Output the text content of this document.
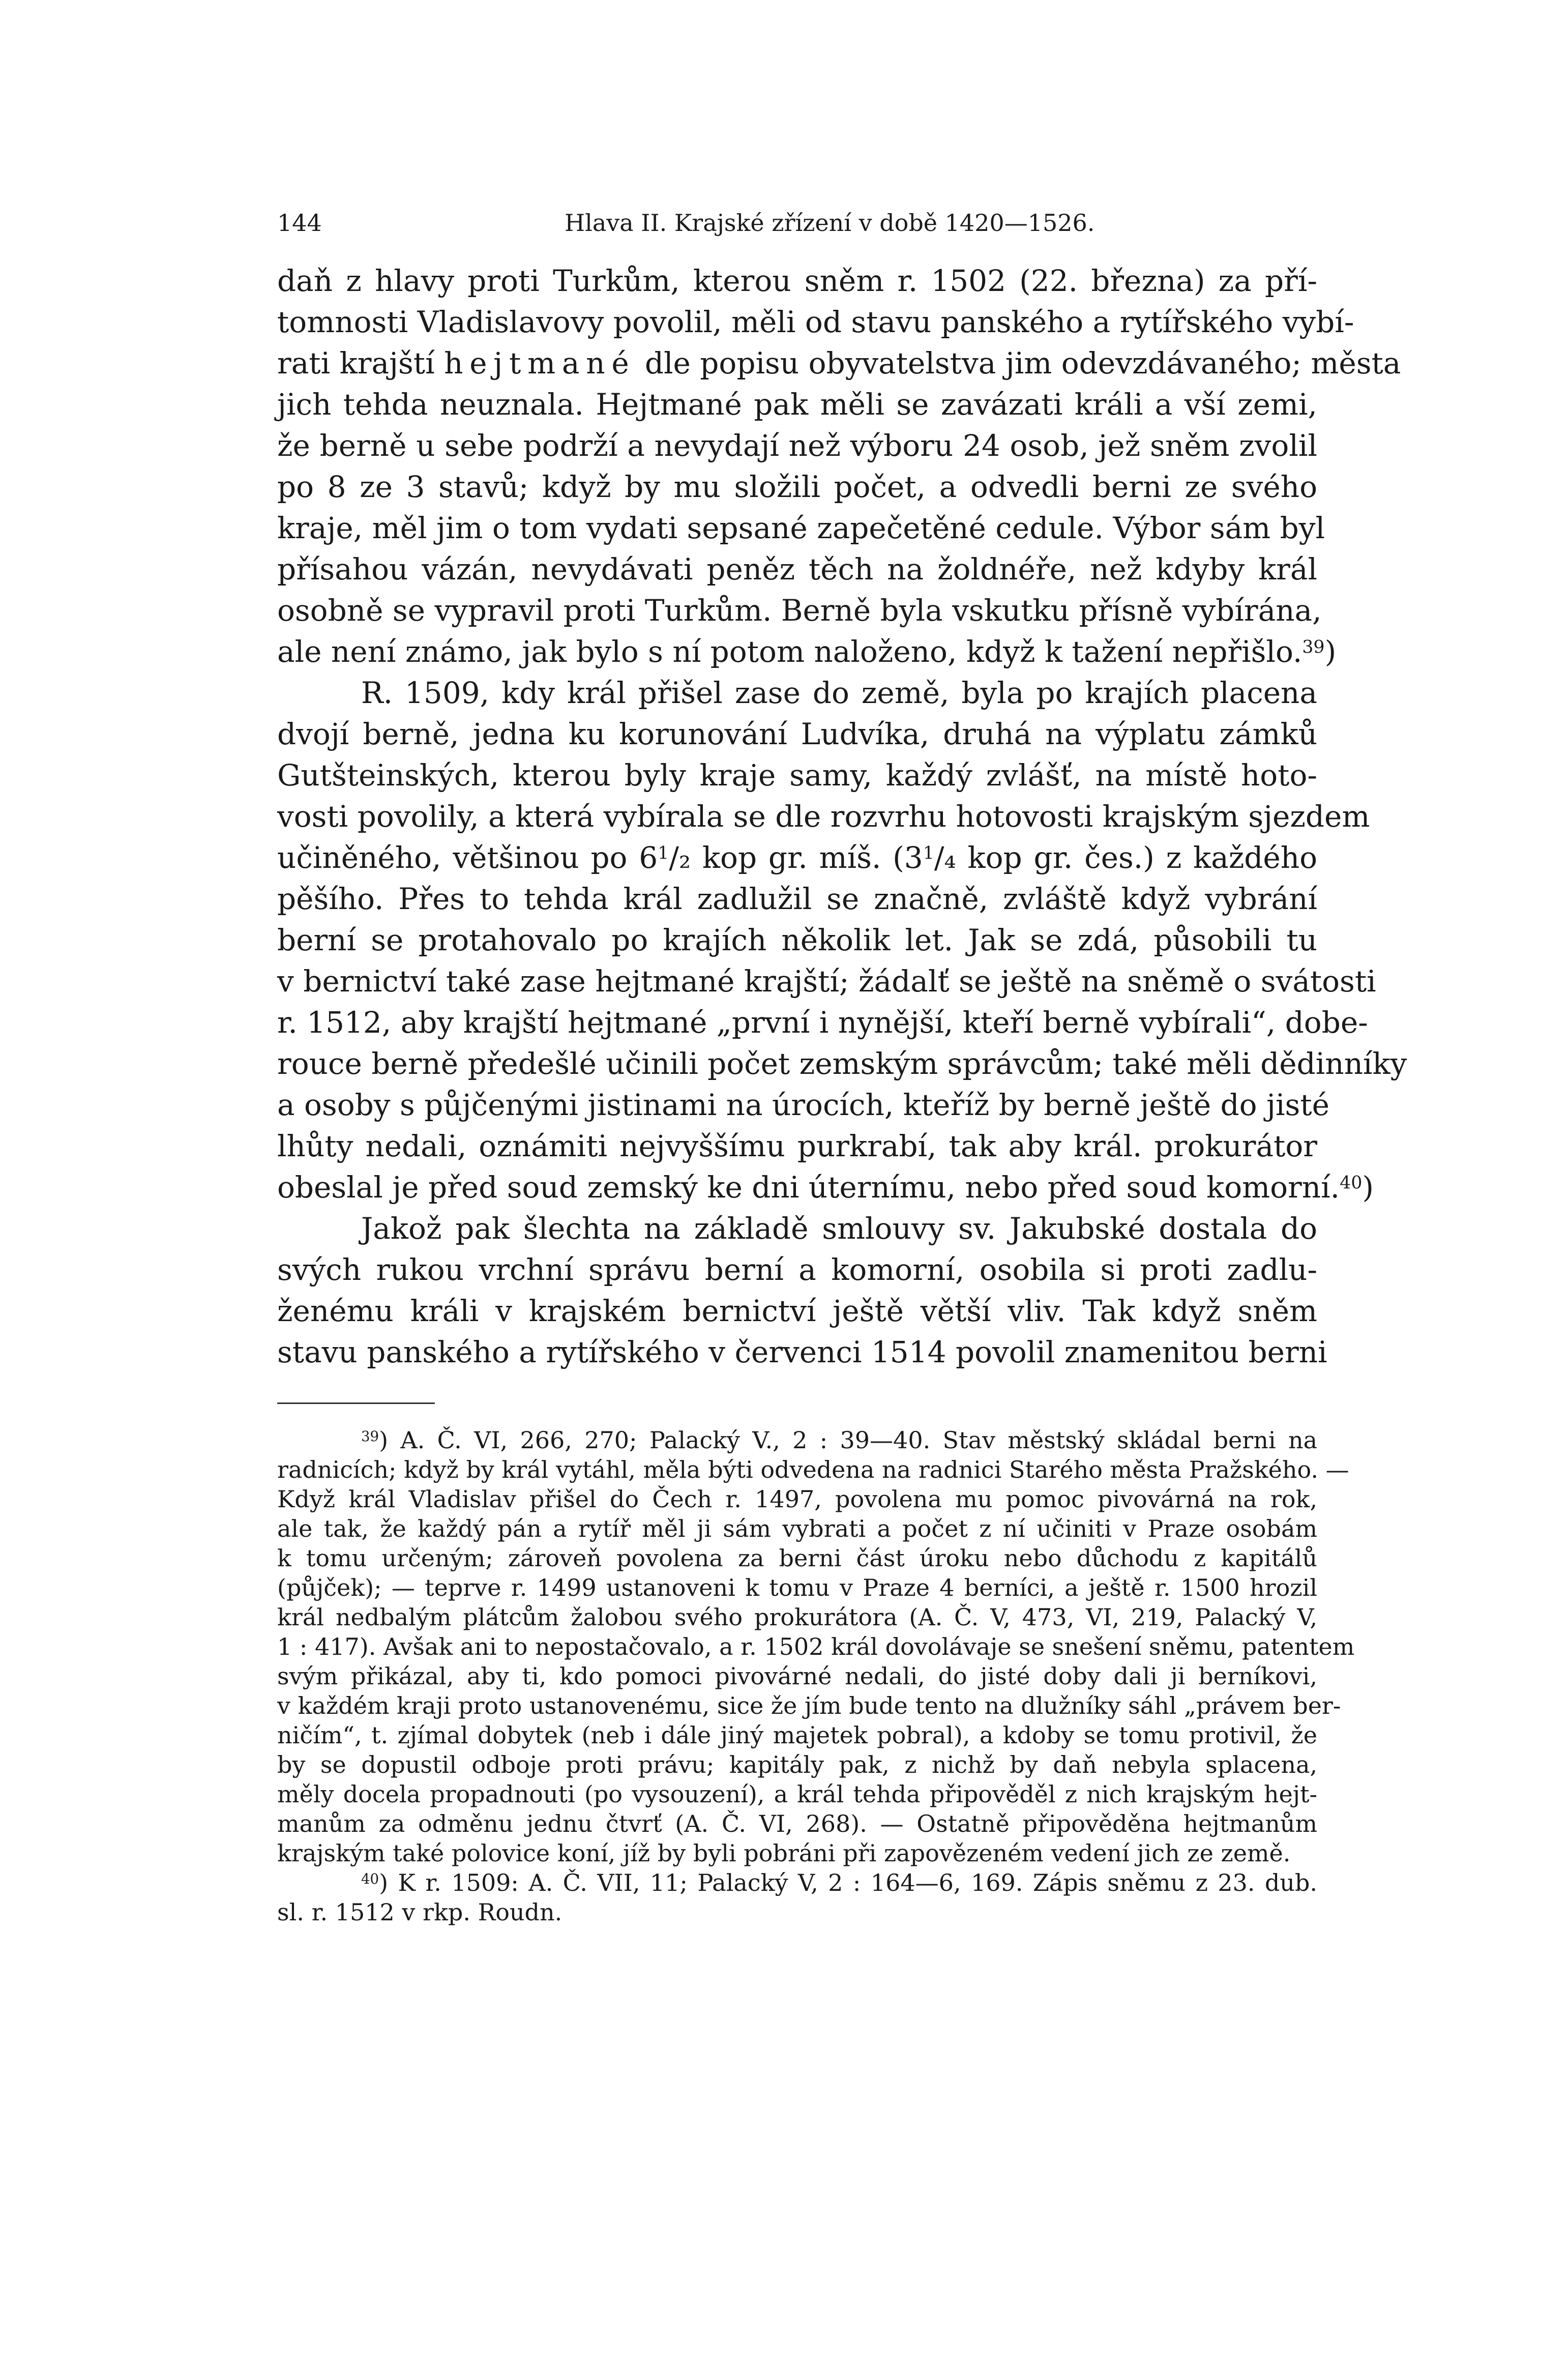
144	Hlava II. Krajské zřízení v době 1420—1526.
daň z hlavy proti Turkům, kterou sněm r. 1502 (22. března) za pří-
tomnosti Vladislavovy povolil, měli od stavu panského a rytířského vybí-
rati krajští hejtmané dle popisu obyvatelstva jim odevzdávaného; města
jich tehda neuznala. Hejtmané pak měli se zavázati králi a vší zemi,
že berně u sebe podrží a nevydají než výboru 24 osob, jež sněm zvolil
po 8 ze 3 stavů; když by mu složili počet, a odvedli berni ze svého
kraje, měl jim o tom vydati sepsané zapečetěné cedule. Výbor sám byl
přísahou vázán, nevydávati peněz těch na žoldnéře, než kdyby král
osobně se vypravil proti Turkům. Berně byla vskutku přísně vybírána,
ale není známo, jak bylo s ní potom naloženo, když k tažení nepřišlo.$^{39}$)
R. 1509, kdy král přišel zase do země, byla po krajích placena
dvojí berně, jedna ku korunování Ludvíka, druhá na výplatu zámků
Gutšteinských, kterou byly kraje samy, každý zvlášť, na místě hoto-
vosti povolily, a která vybírala se dle rozvrhu hotovosti krajským sjezdem
učiněného, většinou po $6^1/_2$ kop gr. míš. ($3^1/_4$ kop gr. čes.) z každého
pěšího. Přes to tehda král zadlužil se značně, zvláště když vybrání
berní se protahovalo po krajích několik let. Jak se zdá, působili tu
v bernictví také zase hejtmané krajští; žádalť se ještě na sněmě o svátosti
r. 1512, aby krajští hejtmané „první i nynější, kteří berně vybírali“, dobe-
rouce berně předešlé učinili počet zemským správcům; také měli dědinníky
a osoby s půjčenými jistinami na úrocích, kteříž by berně ještě do jisté
lhůty nedali, oznámiti nejvyššímu purkrabí, tak aby král. prokurátor
obeslal je před soud zemský ke dni úternímu, nebo před soud komorní.$^{40}$)
Jakož pak šlechta na základě smlouvy sv. Jakubské dostala do
svých rukou vrchní správu berní a komorní, osobila si proti zadlu-
ženému králi v krajském bernictví ještě větší vliv. Tak když sněm
stavu panského a rytířského v červenci 1514 povolil znamenitou berni
$^{39}$) A. Č. VI, 266, 270; Palacký V., 2 : 39—40. Stav městský skládal berni na
radnicích; když by král vytáhl, měla býti odvedena na radnici Starého města Pražského. —
Když král Vladislav přišel do Čech r. 1497, povolena mu pomoc pivovárná na rok,
ale tak, že každý pán a rytíř měl ji sám vybrati a počet z ní učiniti v Praze osobám
k tomu určeným; zároveň povolena za berni část úroku nebo důchodu z kapitálů
(půjček); — teprve r. 1499 ustanoveni k tomu v Praze 4 berníci, a ještě r. 1500 hrozil
král nedbalým plátcům žalobou svého prokurátora (A. Č. V, 473, VI, 219, Palacký V,
1 : 417). Avšak ani to nepostačovalo, a r. 1502 král dovolávaje se snešení sněmu, patentem
svým přikázal, aby ti, kdo pomoci pivovárné nedali, do jisté doby dali ji berníkovi,
v každém kraji proto ustanovenému, sice že jím bude tento na dlužníky sáhl „právem ber-
ničím“, t. zjímal dobytek (neb i dále jiný majetek pobral), a kdoby se tomu protivil, že
by se dopustil odboje proti právu; kapitály pak, z nichž by daň nebyla splacena,
měly docela propadnouti (po vysouzení), a král tehda připověděl z nich krajským hejt-
manům za odměnu jednu čtvrť (A. Č. VI, 268). — Ostatně připověděna hejtmanům
krajským také polovice koní, jíž by byli pobráni při zapovězeném vedení jich ze země.
$^{40}$) K r. 1509: A. Č. VII, 11; Palacký V, 2 : 164—6, 169. Zápis sněmu z 23. dub.
sl. r. 1512 v rkp. Roudn.
